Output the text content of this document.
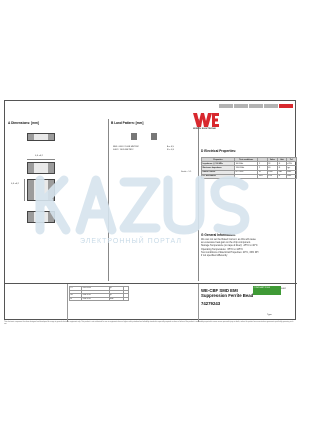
A Dimensions: [mm]	B Land Pattern: [mm]
D Electrical Properties:
G General Information:
0,5 ±0,2
0,5 ±0,2
REF: 0603 / 1608 METRIC
0402 / 1005 METRIC
A = 0,5
B = 0,5
Scale - 1:1
WÜRTH ELEKTRONIK
Properties	Test conditions		Value	Unit	Tol.
Impedance @ 100 MHz	100 MHz	Z	33	Ω	±25%
Maximum Impedance	1200 MHz	Z	40	Ω	typ.
Rated Current	ΔT = 40K	IR	1000	mA	max.
DC Resistance		RDC	0.10	Ω	max.
We can not set the Rated Current. as this will cause
an excessive heat gain on the chip component.
Storage Temperature (on tape & Reel): -25°C to 40°C
Operating Temperature: -55°C to 125°C
Test conditions of Electrical Properties: 20°C, 33% RH
if not specified differently
1.0	2013-04-08	jst	
002	2012-04-11	SB	
001	2008-11-04	jst	
xx	2008-11-04	MSE	
WE-CBF SMD EMI Suppression Ferrite Bead
74279243
COMPLIANT ROHS
0402
Type
This electronic component has been designed and developed for usage in general electronic equipment only. This product is not authorized for use in equipment where a higher safety standard and reliability standard is especially required or where a failure of the product is reasonably expected to cause severe personal injury or death, unless the parties have executed an agreement specifically governing such use.
ЭЛЕКТРОННЫЙ ПОРТАЛ
